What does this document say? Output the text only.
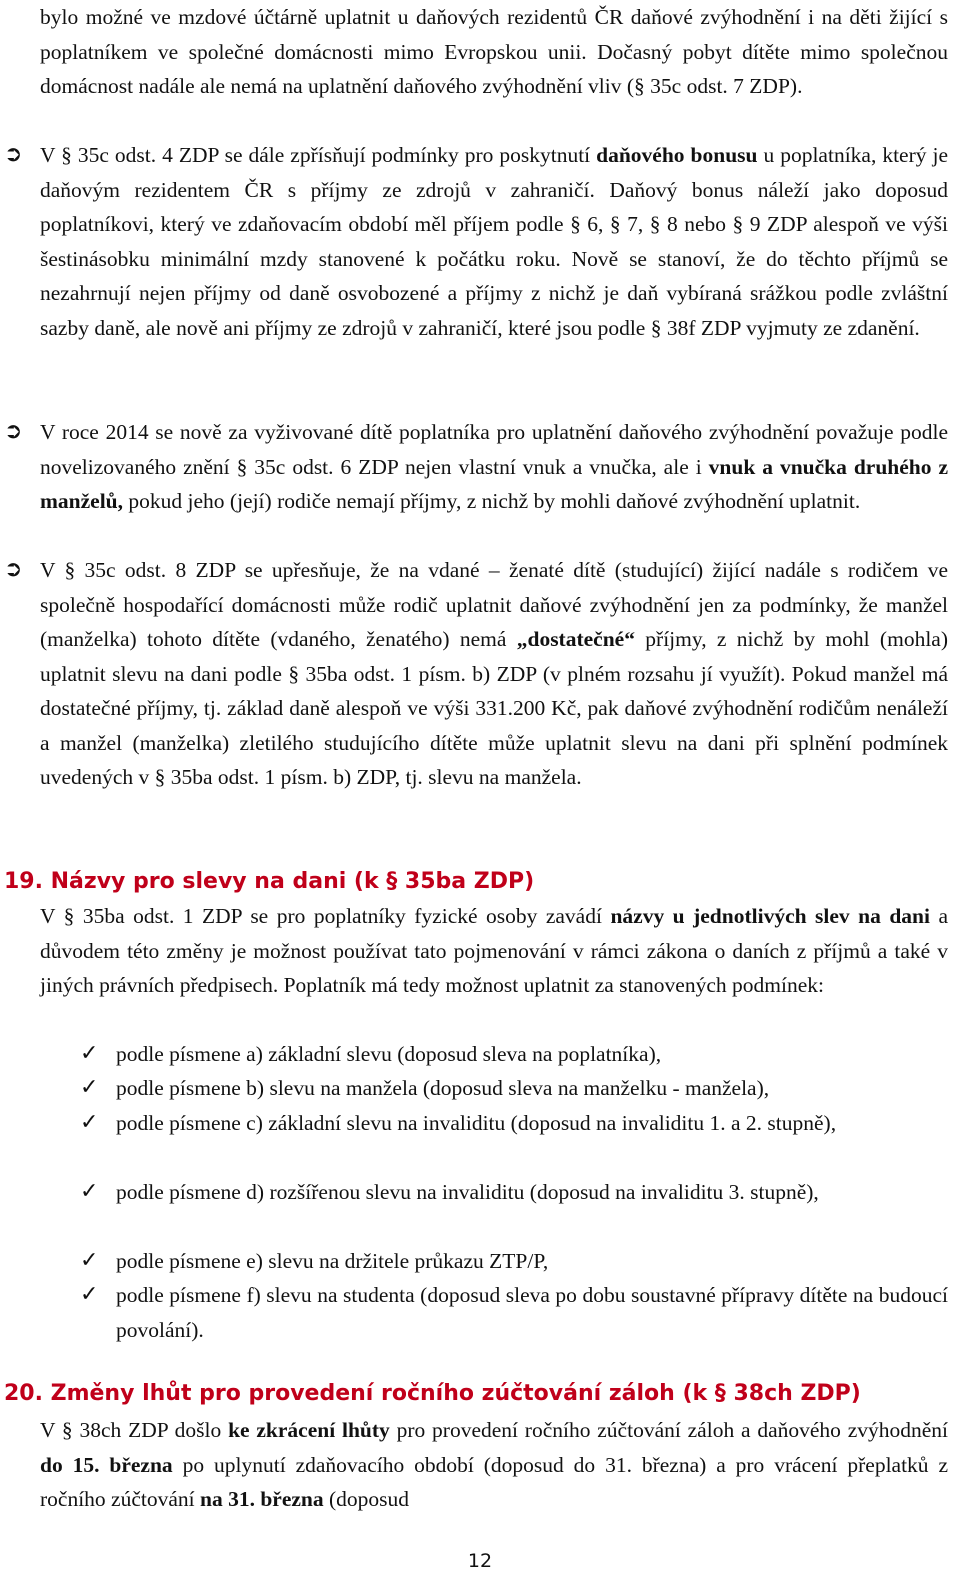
bylo možné ve mzdové účtárně uplatnit u daňových rezidentů ČR daňové zvýhodnění i na děti žijící s poplatníkem ve společné domácnosti mimo Evropskou unii. Dočasný pobyt dítěte mimo společnou domácnost nadále ale nemá na uplatnění daňového zvýhodnění vliv (§ 35c odst. 7 ZDP).

➲ V § 35c odst. 4 ZDP se dále zpřísňují podmínky pro poskytnutí daňového bonusu u poplatníka, který je daňovým rezidentem ČR s příjmy ze zdrojů v zahraničí. Daňový bonus náleží jako doposud poplatníkovi, který ve zdaňovacím období měl příjem podle § 6, § 7, § 8 nebo § 9 ZDP alespoň ve výši šestinásobku minimální mzdy stanovené k počátku roku. Nově se stanoví, že do těchto příjmů se nezahrnují nejen příjmy od daně osvobozené a příjmy z nichž je daň vybíraná srážkou podle zvláštní sazby daně, ale nově ani příjmy ze zdrojů v zahraničí, které jsou podle § 38f ZDP vyjmuty ze zdanění.

➲ V roce 2014 se nově za vyživované dítě poplatníka pro uplatnění daňového zvýhodnění považuje podle novelizovaného znění § 35c odst. 6 ZDP nejen vlastní vnuk a vnučka, ale i vnuk a vnučka druhého z manželů, pokud jeho (její) rodiče nemají příjmy, z nichž by mohli daňové zvýhodnění uplatnit.

➲ V § 35c odst. 8 ZDP se upřesňuje, že na vdané – ženaté dítě (studující) žijící nadále s rodičem ve společně hospodařící domácnosti může rodič uplatnit daňové zvýhodnění jen za podmínky, že manžel (manželka) tohoto dítěte (vdaného, ženatého) nemá „dostatečné“ příjmy, z nichž by mohl (mohla) uplatnit slevu na dani podle § 35ba odst. 1 písm. b) ZDP (v plném rozsahu jí využít). Pokud manžel má dostatečné příjmy, tj. základ daně alespoň ve výši 331.200 Kč, pak daňové zvýhodnění rodičům nenáleží a manžel (manželka) zletilého studujícího dítěte může uplatnit slevu na dani při splnění podmínek uvedených v § 35ba odst. 1 písm. b) ZDP, tj. slevu na manžela.

19. Názvy pro slevy na dani (k § 35ba ZDP)

V § 35ba odst. 1 ZDP se pro poplatníky fyzické osoby zavádí názvy u jednotlivých slev na dani a důvodem této změny je možnost používat tato pojmenování v rámci zákona o daních z příjmů a také v jiných právních předpisech. Poplatník má tedy možnost uplatnit za stanovených podmínek:

✓ podle písmene a) základní slevu (doposud sleva na poplatníka),

✓ podle písmene b) slevu na manžela (doposud sleva na manželku - manžela),

✓ podle písmene c) základní slevu na invaliditu (doposud na invaliditu 1. a 2. stupně),

✓ podle písmene d) rozšířenou slevu na invaliditu (doposud na invaliditu 3. stupně),

✓ podle písmene e) slevu na držitele průkazu ZTP/P,

✓ podle písmene f) slevu na studenta (doposud sleva po dobu soustavné přípravy dítěte na budoucí povolání).

20. Změny lhůt pro provedení ročního zúčtování záloh (k § 38ch ZDP)

V § 38ch ZDP došlo ke zkrácení lhůty pro provedení ročního zúčtování záloh a daňového zvýhodnění do 15. března po uplynutí zdaňovacího období (doposud do 31. března) a pro vrácení přeplatků z ročního zúčtování na 31. března (doposud

12
